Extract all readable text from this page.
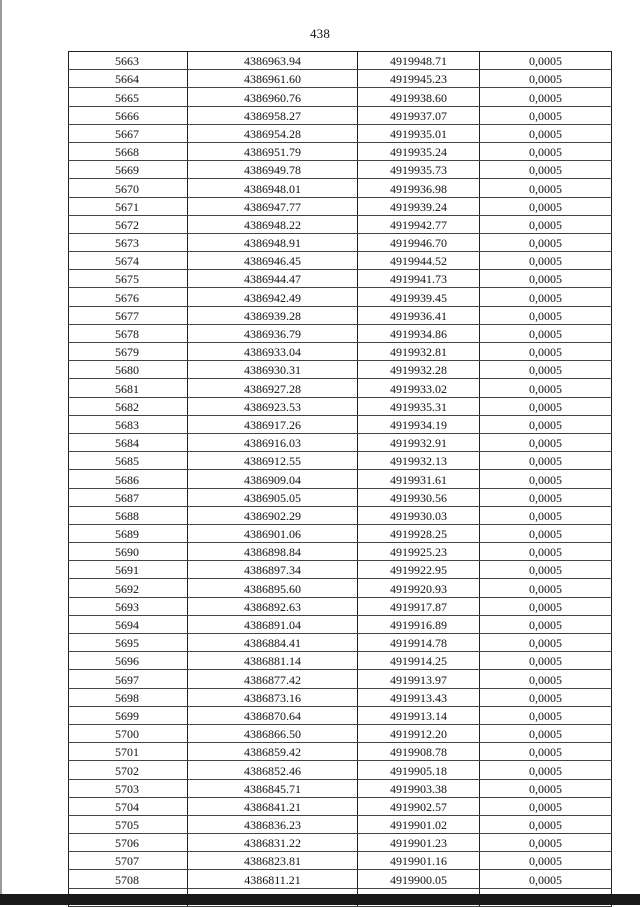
438
5663	4386963.94	4919948.71	0,0005
5664	4386961.60	4919945.23	0,0005
5665	4386960.76	4919938.60	0,0005
5666	4386958.27	4919937.07	0,0005
5667	4386954.28	4919935.01	0,0005
5668	4386951.79	4919935.24	0,0005
5669	4386949.78	4919935.73	0,0005
5670	4386948.01	4919936.98	0,0005
5671	4386947.77	4919939.24	0,0005
5672	4386948.22	4919942.77	0,0005
5673	4386948.91	4919946.70	0,0005
5674	4386946.45	4919944.52	0,0005
5675	4386944.47	4919941.73	0,0005
5676	4386942.49	4919939.45	0,0005
5677	4386939.28	4919936.41	0,0005
5678	4386936.79	4919934.86	0,0005
5679	4386933.04	4919932.81	0,0005
5680	4386930.31	4919932.28	0,0005
5681	4386927.28	4919933.02	0,0005
5682	4386923.53	4919935.31	0,0005
5683	4386917.26	4919934.19	0,0005
5684	4386916.03	4919932.91	0,0005
5685	4386912.55	4919932.13	0,0005
5686	4386909.04	4919931.61	0,0005
5687	4386905.05	4919930.56	0,0005
5688	4386902.29	4919930.03	0,0005
5689	4386901.06	4919928.25	0,0005
5690	4386898.84	4919925.23	0,0005
5691	4386897.34	4919922.95	0,0005
5692	4386895.60	4919920.93	0,0005
5693	4386892.63	4919917.87	0,0005
5694	4386891.04	4919916.89	0,0005
5695	4386884.41	4919914.78	0,0005
5696	4386881.14	4919914.25	0,0005
5697	4386877.42	4919913.97	0,0005
5698	4386873.16	4919913.43	0,0005
5699	4386870.64	4919913.14	0,0005
5700	4386866.50	4919912.20	0,0005
5701	4386859.42	4919908.78	0,0005
5702	4386852.46	4919905.18	0,0005
5703	4386845.71	4919903.38	0,0005
5704	4386841.21	4919902.57	0,0005
5705	4386836.23	4919901.02	0,0005
5706	4386831.22	4919901.23	0,0005
5707	4386823.81	4919901.16	0,0005
5708	4386811.21	4919900.05	0,0005
